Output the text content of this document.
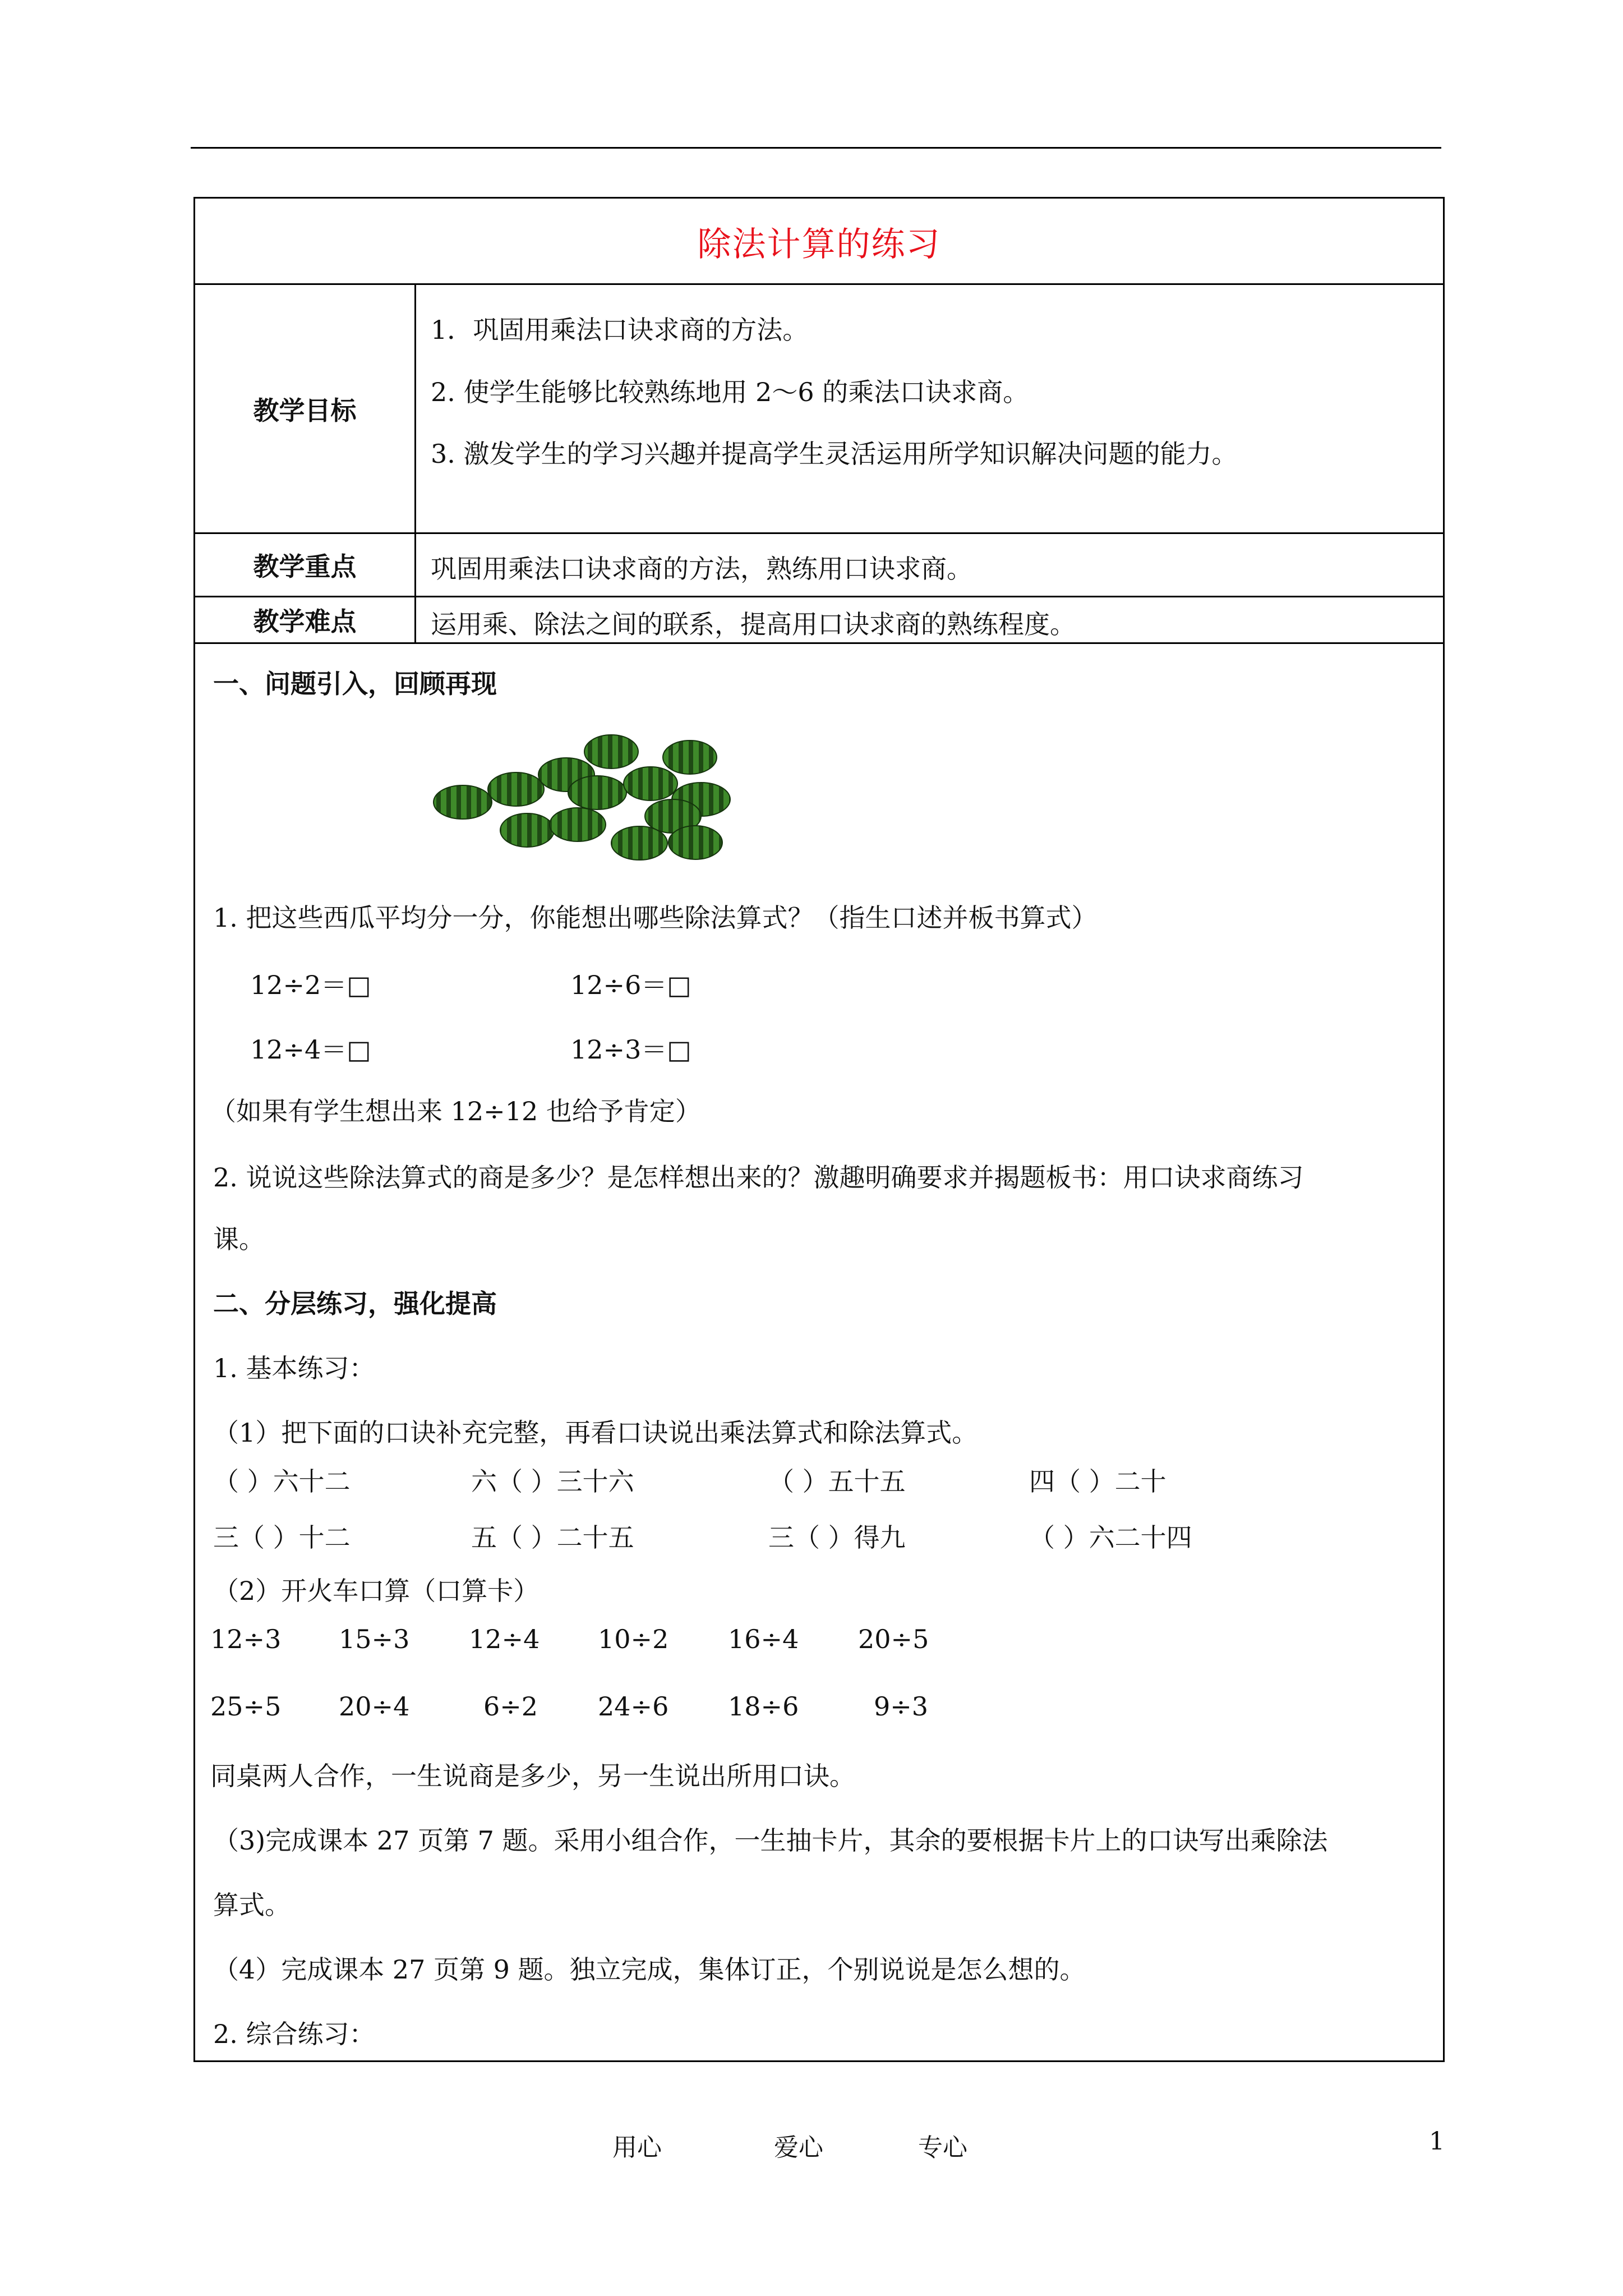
除法计算的练习
教学目标
1．巩固用乘法口诀求商的方法。
2. 使学生能够比较熟练地用 2～6 的乘法口诀求商。
3. 激发学生的学习兴趣并提高学生灵活运用所学知识解决问题的能力。
教学重点	巩固用乘法口诀求商的方法，熟练用口诀求商。
教学难点	运用乘、除法之间的联系，提高用口诀求商的熟练程度。
一、问题引入，回顾再现
1. 把这些西瓜平均分一分，你能想出哪些除法算式？（指生口述并板书算式）
12÷2＝□	12÷6＝□
12÷4＝□	12÷3＝□
（如果有学生想出来 12÷12 也给予肯定）
2. 说说这些除法算式的商是多少？是怎样想出来的？激趣明确要求并揭题板书：用口诀求商练习
课。
二、分层练习，强化提高
1. 基本练习：
（1）把下面的口诀补充完整，再看口诀说出乘法算式和除法算式。
（ ）六十二	六（ ）三十六	（ ）五十五	四（ ）二十
三（ ）十二	五（ ）二十五	三（ ）得九	（ ）六二十四
（2）开火车口算（口算卡）
12÷3 15÷3 12÷4 10÷2 16÷4 20÷5
25÷5 20÷4	6÷2 24÷6 18÷6	9÷3
同桌两人合作，一生说商是多少，另一生说出所用口诀。
（3)完成课本 27 页第 7 题。采用小组合作，一生抽卡片，其余的要根据卡片上的口诀写出乘除法
算式。
（4）完成课本 27 页第 9 题。独立完成，集体订正，个别说说是怎么想的。
2. 综合练习：
用心	爱心	专心	1
